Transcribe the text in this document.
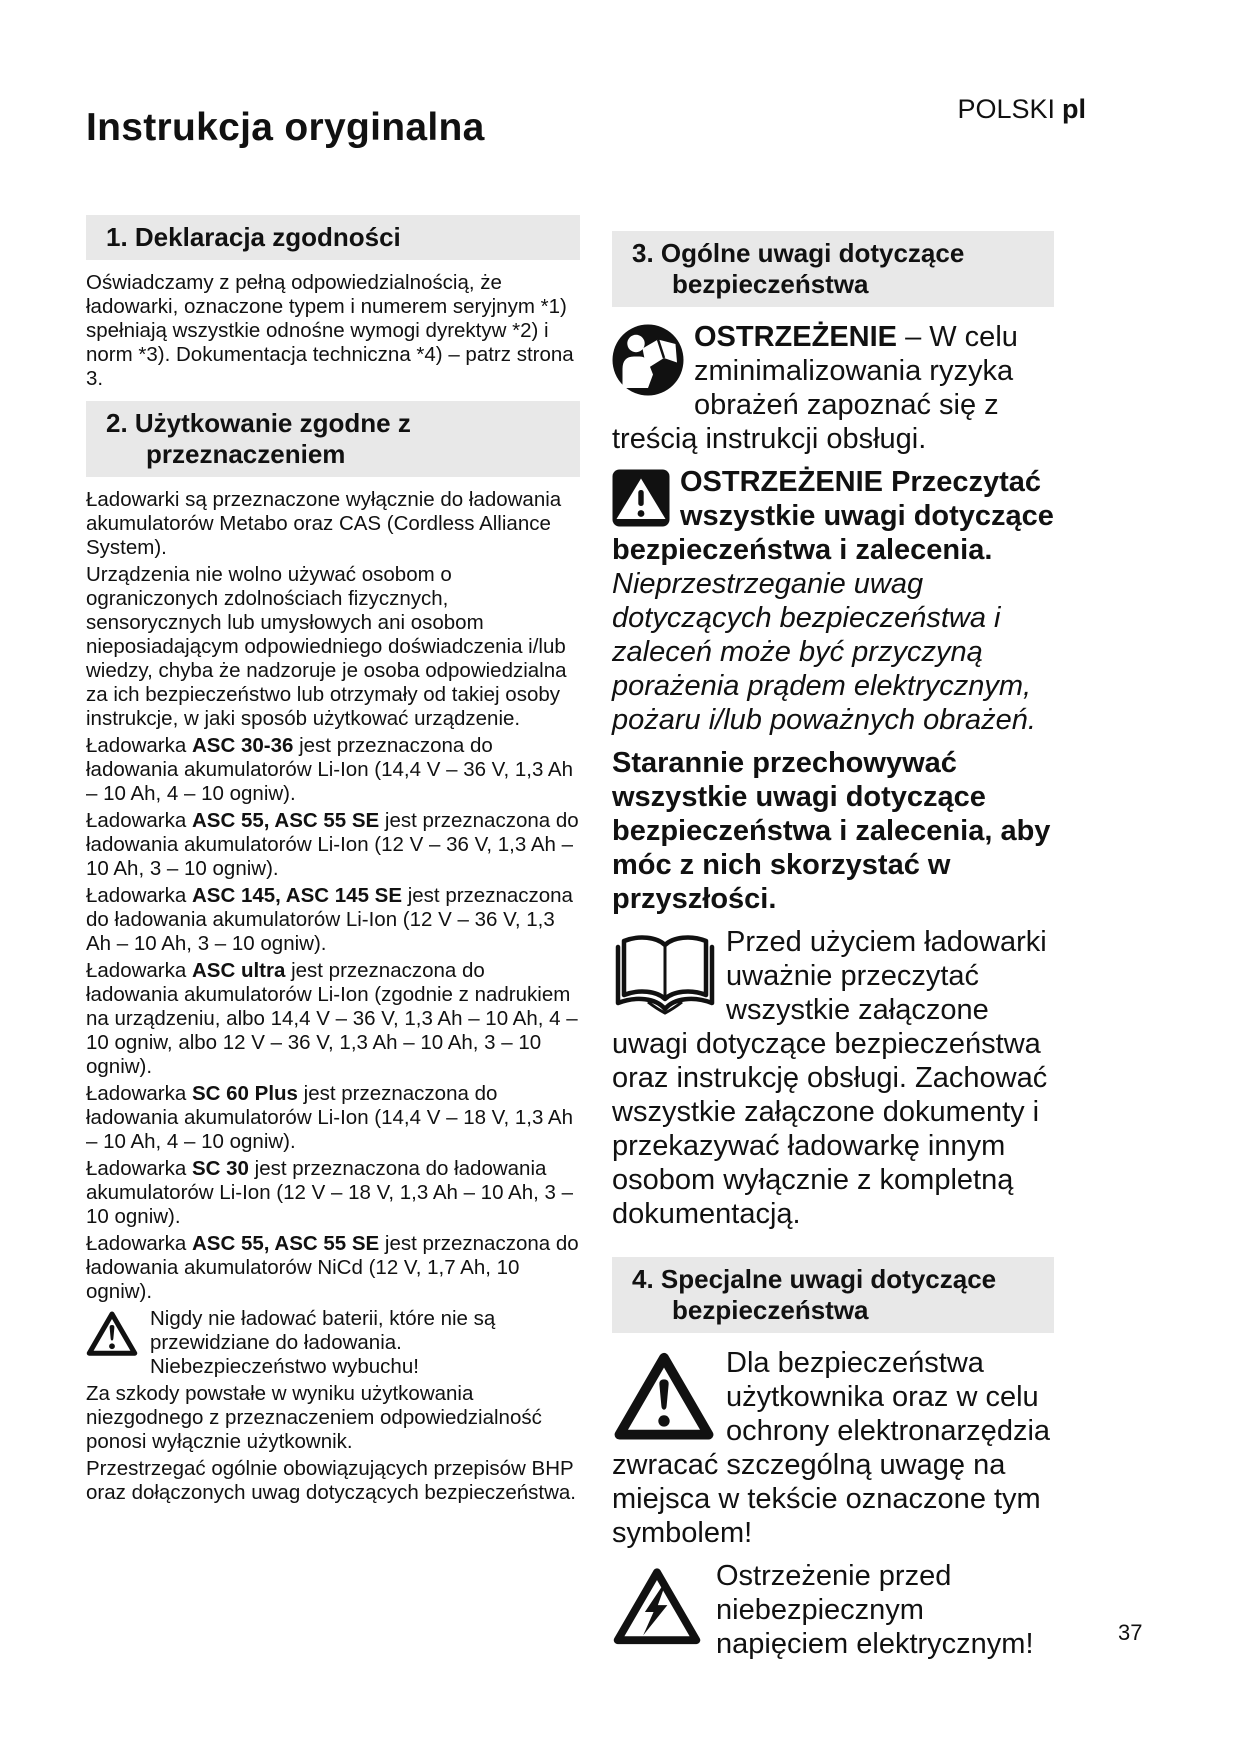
POLSKI pl
Instrukcja oryginalna
1. Deklaracja zgodności
Oświadczamy z pełną odpowiedzialnością, że ładowarki, oznaczone typem i numerem seryjnym *1) spełniają wszystkie odnośne wymogi dyrektyw *2) i norm *3). Dokumentacja techniczna *4) – patrz strona 3.
2. Użytkowanie zgodne z przeznaczeniem
Ładowarki są przeznaczone wyłącznie do ładowania akumulatorów Metabo oraz CAS (Cordless Alliance System).
Urządzenia nie wolno używać osobom o ograniczonych zdolnościach fizycznych, sensorycznych lub umysłowych ani osobom nieposiadającym odpowiedniego doświadczenia i/lub wiedzy, chyba że nadzoruje je osoba odpowiedzialna za ich bezpieczeństwo lub otrzymały od takiej osoby instrukcje, w jaki sposób użytkować urządzenie.
Ładowarka ASC 30-36 jest przeznaczona do ładowania akumulatorów Li-Ion (14,4 V – 36 V, 1,3 Ah – 10 Ah, 4 – 10 ogniw).
Ładowarka ASC 55, ASC 55 SE jest przeznaczona do ładowania akumulatorów Li-Ion (12 V – 36 V, 1,3 Ah – 10 Ah, 3 – 10 ogniw).
Ładowarka ASC 145, ASC 145 SE jest przeznaczona do ładowania akumulatorów Li-Ion (12 V – 36 V, 1,3 Ah – 10 Ah, 3 – 10 ogniw).
Ładowarka ASC ultra jest przeznaczona do ładowania akumulatorów Li-Ion (zgodnie z nadrukiem na urządzeniu, albo 14,4 V – 36 V, 1,3 Ah – 10 Ah, 4 – 10 ogniw, albo 12 V – 36 V, 1,3 Ah – 10 Ah, 3 – 10 ogniw).
Ładowarka SC 60 Plus jest przeznaczona do ładowania akumulatorów Li-Ion (14,4 V – 18 V, 1,3 Ah – 10 Ah, 4 – 10 ogniw).
Ładowarka SC 30 jest przeznaczona do ładowania akumulatorów Li-Ion (12 V – 18 V, 1,3 Ah – 10 Ah, 3 – 10 ogniw).
Ładowarka ASC 55, ASC 55 SE jest przeznaczona do ładowania akumulatorów NiCd (12 V, 1,7 Ah, 10 ogniw).
Nigdy nie ładować baterii, które nie są przewidziane do ładowania. Niebezpieczeństwo wybuchu!
Za szkody powstałe w wyniku użytkowania niezgodnego z przeznaczeniem odpowiedzialność ponosi wyłącznie użytkownik.
Przestrzegać ogólnie obowiązujących przepisów BHP oraz dołączonych uwag dotyczących bezpieczeństwa.
3. Ogólne uwagi dotyczące bezpieczeństwa
OSTRZEŻENIE – W celu zminimalizowania ryzyka obrażeń zapoznać się z treścią instrukcji obsługi.
OSTRZEŻENIE Przeczytać wszystkie uwagi dotyczące bezpieczeństwa i zalecenia. Nieprzestrzeganie uwag dotyczących bezpieczeństwa i zaleceń może być przyczyną porażenia prądem elektrycznym, pożaru i/lub poważnych obrażeń.
Starannie przechowywać wszystkie uwagi dotyczące bezpieczeństwa i zalecenia, aby móc z nich skorzystać w przyszłości.
Przed użyciem ładowarki uważnie przeczytać wszystkie załączone uwagi dotyczące bezpieczeństwa oraz instrukcję obsługi. Zachować wszystkie załączone dokumenty i przekazywać ładowarkę innym osobom wyłącznie z kompletną dokumentacją.
4. Specjalne uwagi dotyczące bezpieczeństwa
Dla bezpieczeństwa użytkownika oraz w celu ochrony elektronarzędzia zwracać szczególną uwagę na miejsca w tekście oznaczone tym symbolem!
Ostrzeżenie przed niebezpiecznym napięciem elektrycznym!	37
